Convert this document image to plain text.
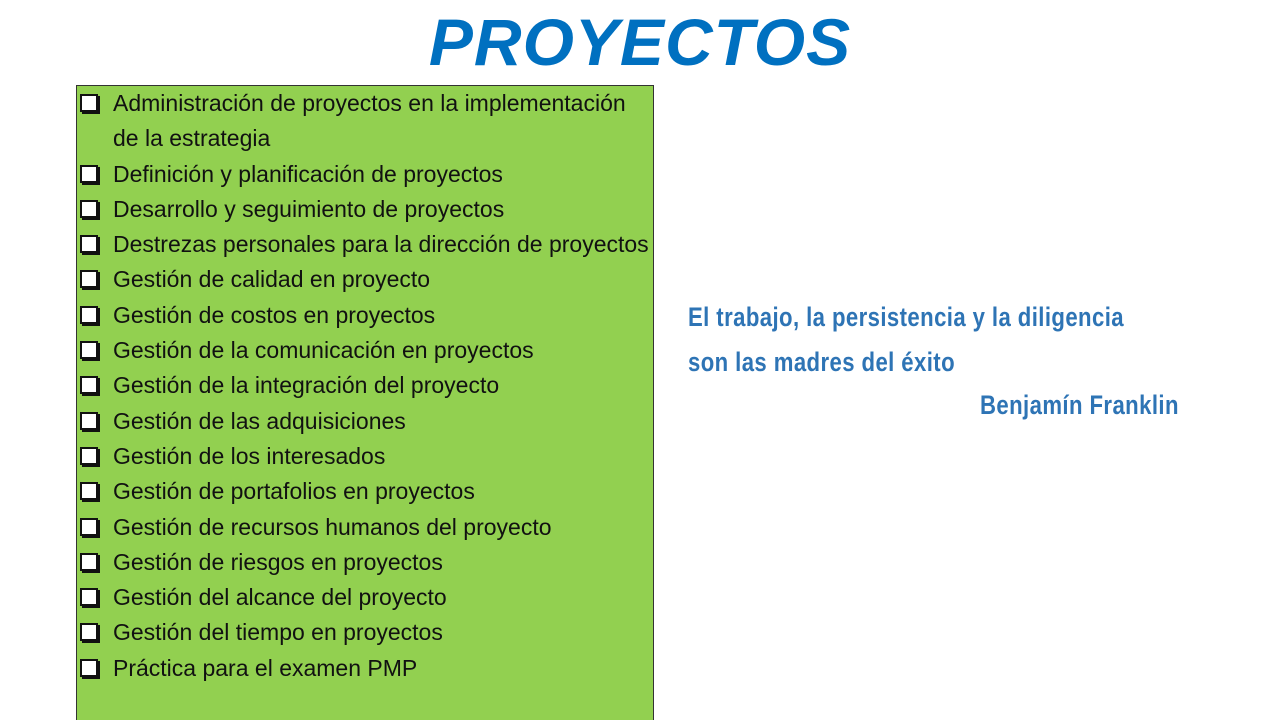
PROYECTOS
Administración de proyectos en la implementación de la estrategia
Definición y planificación de proyectos
Desarrollo y seguimiento de proyectos
Destrezas personales para la dirección de proyectos
Gestión de calidad en proyecto
Gestión de costos en proyectos
Gestión de la comunicación en proyectos
Gestión de la integración del proyecto
Gestión de las adquisiciones
Gestión de los interesados
Gestión de portafolios en proyectos
Gestión de recursos humanos del proyecto
Gestión de riesgos en proyectos
Gestión del alcance del proyecto
Gestión del tiempo en proyectos
Práctica para el examen PMP
El trabajo, la persistencia y la diligencia
son las madres del éxito
Benjamín Franklin
